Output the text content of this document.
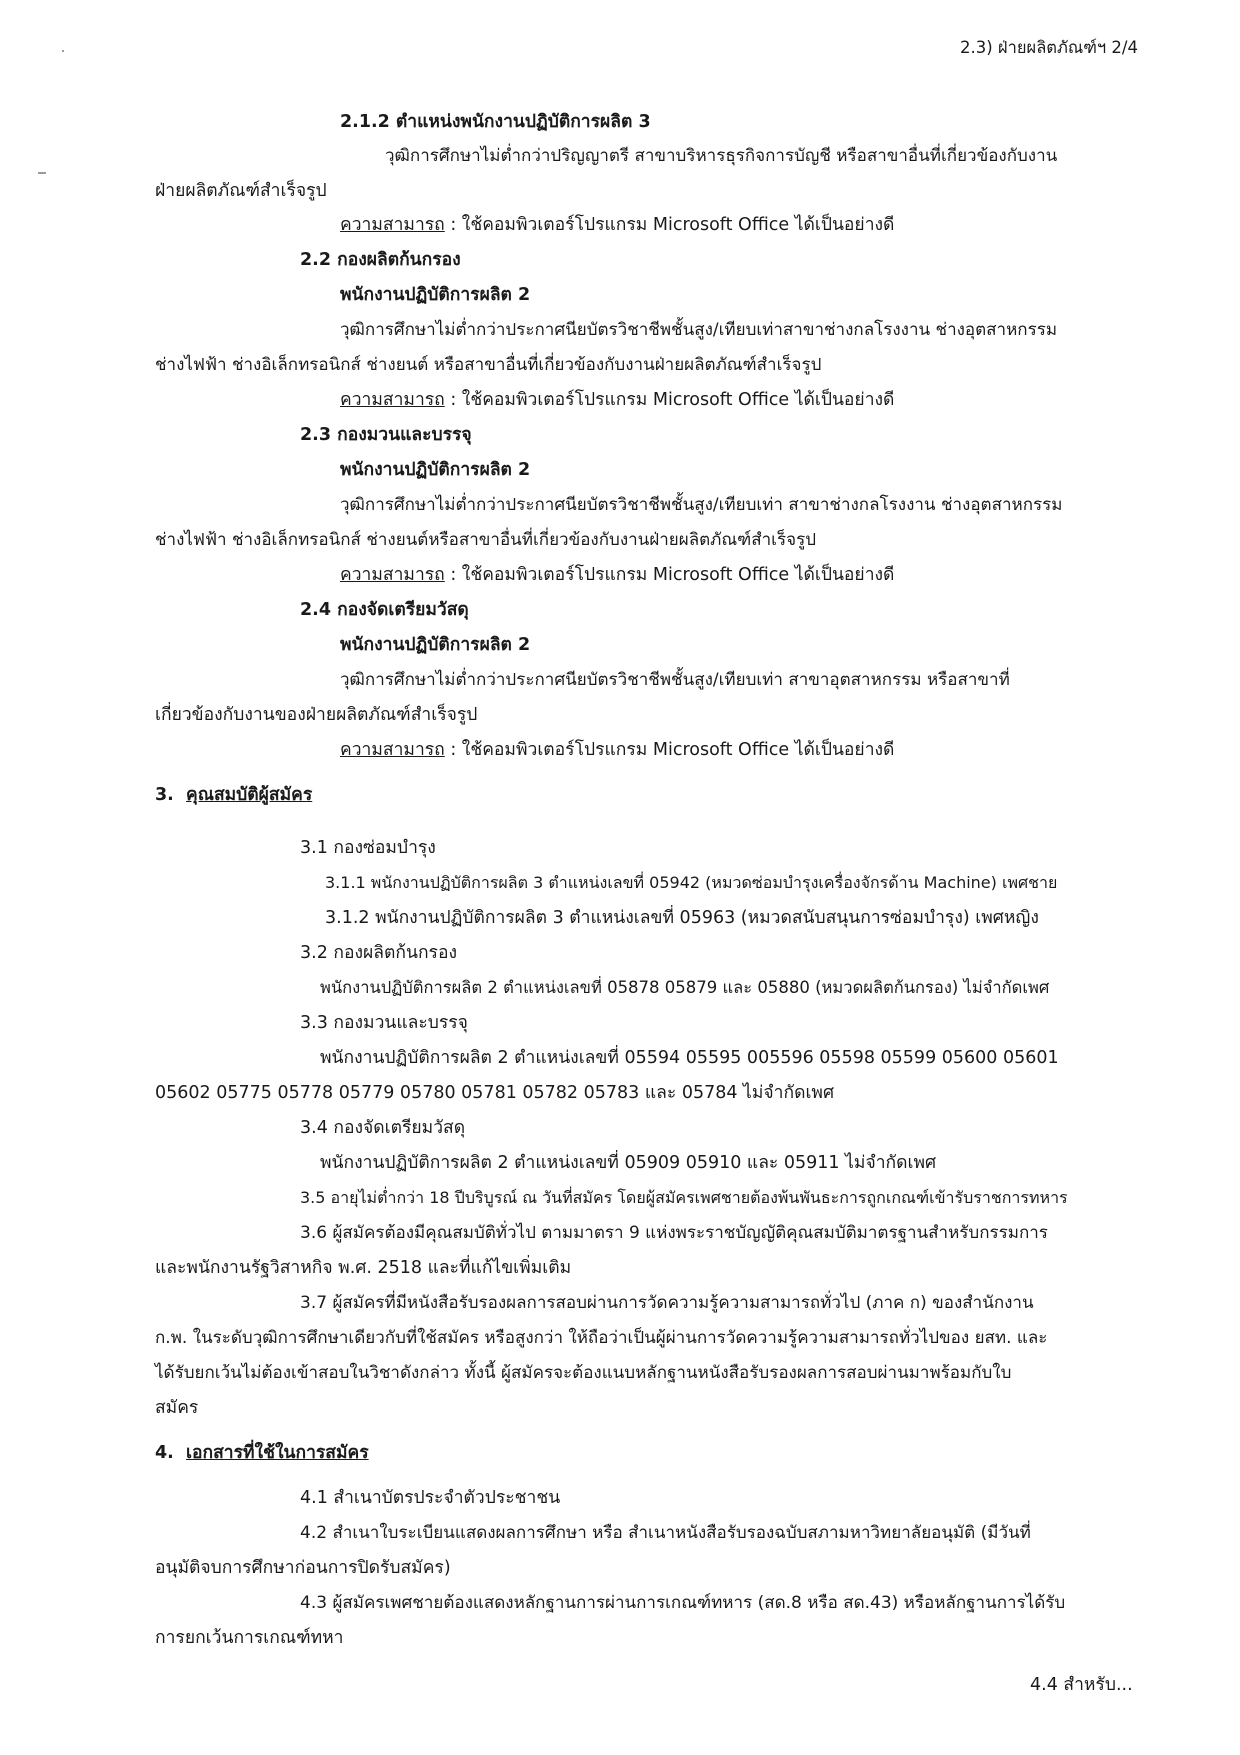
2.3) ฝ่ายผลิตภัณฑ์ฯ 2/4
2.1.2 ตำแหน่งพนักงานปฏิบัติการผลิต 3
วุฒิการศึกษาไม่ต่ำกว่าปริญญาตรี สาขาบริหารธุรกิจการบัญชี หรือสาขาอื่นที่เกี่ยวข้องกับงาน
ฝ่ายผลิตภัณฑ์สำเร็จรูป
ความสามารถ : ใช้คอมพิวเตอร์โปรแกรม Microsoft Office ได้เป็นอย่างดี
2.2 กองผลิตก้นกรอง
พนักงานปฏิบัติการผลิต 2
วุฒิการศึกษาไม่ต่ำกว่าประกาศนียบัตรวิชาชีพชั้นสูง/เทียบเท่าสาขาช่างกลโรงงาน ช่างอุตสาหกรรม
ช่างไฟฟ้า ช่างอิเล็กทรอนิกส์ ช่างยนต์ หรือสาขาอื่นที่เกี่ยวข้องกับงานฝ่ายผลิตภัณฑ์สำเร็จรูป
ความสามารถ : ใช้คอมพิวเตอร์โปรแกรม Microsoft Office ได้เป็นอย่างดี
2.3 กองมวนและบรรจุ
พนักงานปฏิบัติการผลิต 2
วุฒิการศึกษาไม่ต่ำกว่าประกาศนียบัตรวิชาชีพชั้นสูง/เทียบเท่า สาขาช่างกลโรงงาน ช่างอุตสาหกรรม
ช่างไฟฟ้า ช่างอิเล็กทรอนิกส์ ช่างยนต์หรือสาขาอื่นที่เกี่ยวข้องกับงานฝ่ายผลิตภัณฑ์สำเร็จรูป
ความสามารถ : ใช้คอมพิวเตอร์โปรแกรม Microsoft Office ได้เป็นอย่างดี
2.4 กองจัดเตรียมวัสดุ
พนักงานปฏิบัติการผลิต 2
วุฒิการศึกษาไม่ต่ำกว่าประกาศนียบัตรวิชาชีพชั้นสูง/เทียบเท่า สาขาอุตสาหกรรม หรือสาขาที่
เกี่ยวข้องกับงานของฝ่ายผลิตภัณฑ์สำเร็จรูป
ความสามารถ : ใช้คอมพิวเตอร์โปรแกรม Microsoft Office ได้เป็นอย่างดี
3. คุณสมบัติผู้สมัคร
3.1 กองซ่อมบำรุง
3.1.1 พนักงานปฏิบัติการผลิต 3 ตำแหน่งเลขที่ 05942 (หมวดซ่อมบำรุงเครื่องจักรด้าน Machine) เพศชาย
3.1.2 พนักงานปฏิบัติการผลิต 3 ตำแหน่งเลขที่ 05963 (หมวดสนับสนุนการซ่อมบำรุง) เพศหญิง
3.2 กองผลิตก้นกรอง
พนักงานปฏิบัติการผลิต 2 ตำแหน่งเลขที่ 05878 05879 และ 05880 (หมวดผลิตก้นกรอง) ไม่จำกัดเพศ
3.3 กองมวนและบรรจุ
พนักงานปฏิบัติการผลิต 2 ตำแหน่งเลขที่ 05594 05595 005596 05598 05599 05600 05601
05602 05775 05778 05779 05780 05781 05782 05783 และ 05784 ไม่จำกัดเพศ
3.4 กองจัดเตรียมวัสดุ
พนักงานปฏิบัติการผลิต 2 ตำแหน่งเลขที่ 05909 05910 และ 05911 ไม่จำกัดเพศ
3.5 อายุไม่ต่ำกว่า 18 ปีบริบูรณ์ ณ วันที่สมัคร โดยผู้สมัครเพศชายต้องพ้นพันธะการถูกเกณฑ์เข้ารับราชการทหาร
3.6 ผู้สมัครต้องมีคุณสมบัติทั่วไป ตามมาตรา 9 แห่งพระราชบัญญัติคุณสมบัติมาตรฐานสำหรับกรรมการ
และพนักงานรัฐวิสาหกิจ พ.ศ. 2518 และที่แก้ไขเพิ่มเติม
3.7 ผู้สมัครที่มีหนังสือรับรองผลการสอบผ่านการวัดความรู้ความสามารถทั่วไป (ภาค ก) ของสำนักงาน
ก.พ. ในระดับวุฒิการศึกษาเดียวกับที่ใช้สมัคร หรือสูงกว่า ให้ถือว่าเป็นผู้ผ่านการวัดความรู้ความสามารถทั่วไปของ ยสท. และ
ได้รับยกเว้นไม่ต้องเข้าสอบในวิชาดังกล่าว ทั้งนี้ ผู้สมัครจะต้องแนบหลักฐานหนังสือรับรองผลการสอบผ่านมาพร้อมกับใบ
สมัคร
4. เอกสารที่ใช้ในการสมัคร
4.1 สำเนาบัตรประจำตัวประชาชน
4.2 สำเนาใบระเบียนแสดงผลการศึกษา หรือ สำเนาหนังสือรับรองฉบับสภามหาวิทยาลัยอนุมัติ (มีวันที่
อนุมัติจบการศึกษาก่อนการปิดรับสมัคร)
4.3 ผู้สมัครเพศชายต้องแสดงหลักฐานการผ่านการเกณฑ์ทหาร (สด.8 หรือ สด.43) หรือหลักฐานการได้รับ
การยกเว้นการเกณฑ์ทหา
4.4 สำหรับ...
